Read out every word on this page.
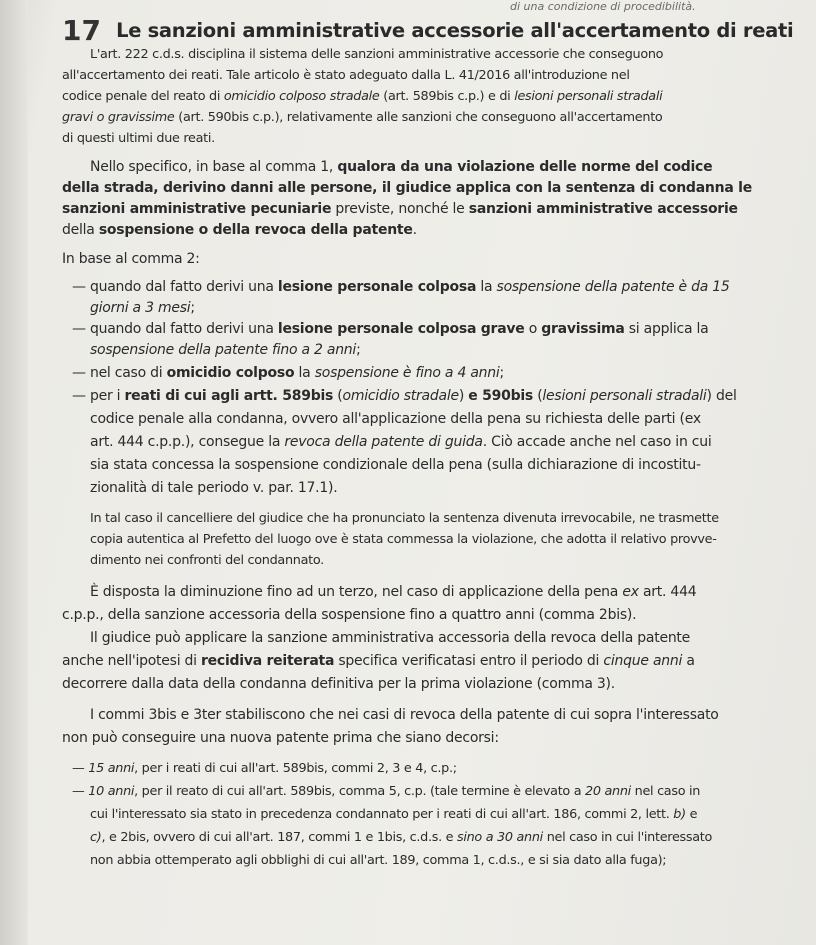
di una condizione di procedibilità.
17 Le sanzioni amministrative accessorie all'accertamento di reati
L'art. 222 c.d.s. disciplina il sistema delle sanzioni amministrative accessorie che conseguono
all'accertamento dei reati. Tale articolo è stato adeguato dalla L. 41/2016 all'introduzione nel
codice penale del reato di omicidio colposo stradale (art. 589bis c.p.) e di lesioni personali stradali
gravi o gravissime (art. 590bis c.p.), relativamente alle sanzioni che conseguono all'accertamento
di questi ultimi due reati.
Nello specifico, in base al comma 1, qualora da una violazione delle norme del codice
della strada, derivino danni alle persone, il giudice applica con la sentenza di condanna le
sanzioni amministrative pecuniarie previste, nonché le sanzioni amministrative accessorie
della sospensione o della revoca della patente.
In base al comma 2:
— quando dal fatto derivi una lesione personale colposa la sospensione della patente è da 15
giorni a 3 mesi;
— quando dal fatto derivi una lesione personale colposa grave o gravissima si applica la
sospensione della patente fino a 2 anni;
— nel caso di omicidio colposo la sospensione è fino a 4 anni;
— per i reati di cui agli artt. 589bis (omicidio stradale) e 590bis (lesioni personali stradali) del
codice penale alla condanna, ovvero all'applicazione della pena su richiesta delle parti (ex
art. 444 c.p.p.), consegue la revoca della patente di guida. Ciò accade anche nel caso in cui
sia stata concessa la sospensione condizionale della pena (sulla dichiarazione di incostitu-
zionalità di tale periodo v. par. 17.1).
In tal caso il cancelliere del giudice che ha pronunciato la sentenza divenuta irrevocabile, ne trasmette
copia autentica al Prefetto del luogo ove è stata commessa la violazione, che adotta il relativo provve-
dimento nei confronti del condannato.
È disposta la diminuzione fino ad un terzo, nel caso di applicazione della pena ex art. 444
c.p.p., della sanzione accessoria della sospensione fino a quattro anni (comma 2bis).
Il giudice può applicare la sanzione amministrativa accessoria della revoca della patente
anche nell'ipotesi di recidiva reiterata specifica verificatasi entro il periodo di cinque anni a
decorrere dalla data della condanna definitiva per la prima violazione (comma 3).
I commi 3bis e 3ter stabiliscono che nei casi di revoca della patente di cui sopra l'interessato
non può conseguire una nuova patente prima che siano decorsi:
— 15 anni, per i reati di cui all'art. 589bis, commi 2, 3 e 4, c.p.;
— 10 anni, per il reato di cui all'art. 589bis, comma 5, c.p. (tale termine è elevato a 20 anni nel caso in
cui l'interessato sia stato in precedenza condannato per i reati di cui all'art. 186, commi 2, lett. b) e
c), e 2bis, ovvero di cui all'art. 187, commi 1 e 1bis, c.d.s. e sino a 30 anni nel caso in cui l'interessato
non abbia ottemperato agli obblighi di cui all'art. 189, comma 1, c.d.s., e si sia dato alla fuga);
